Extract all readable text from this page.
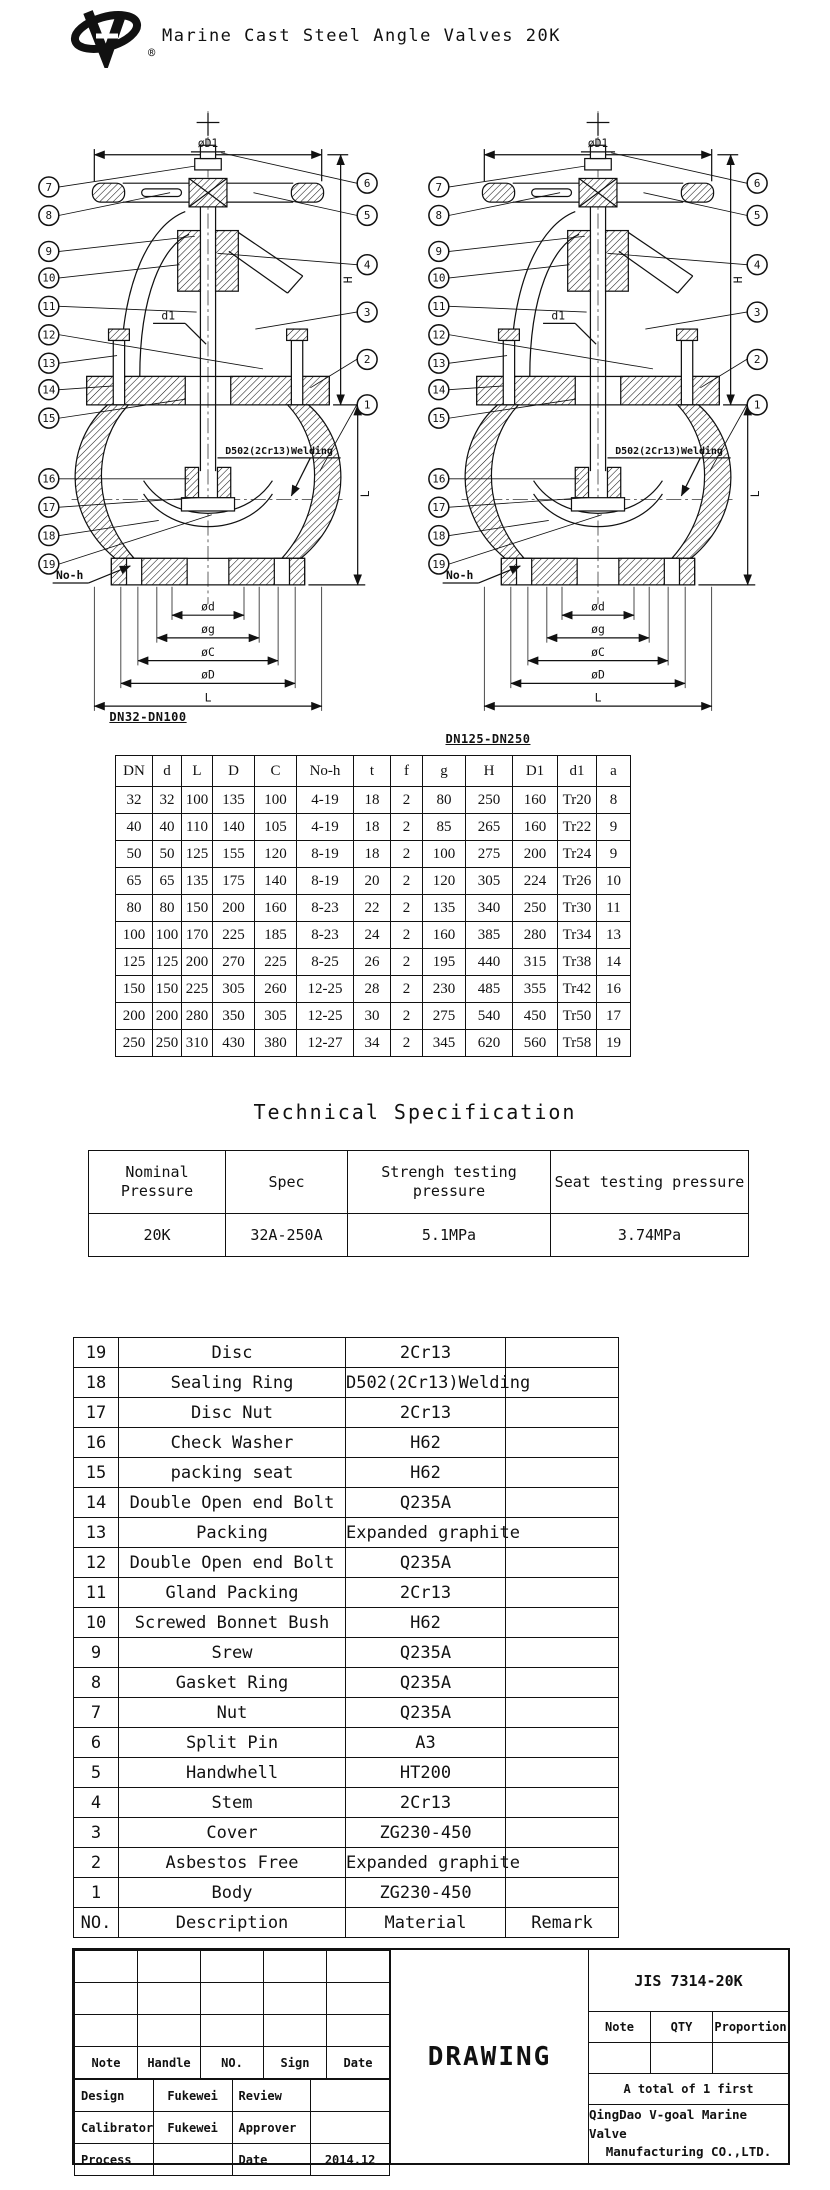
®
Marine Cast Steel Angle Valves 20K
øD1
d1
H
L
D502(2Cr13)Welding
No-h
ød
øg
øC
øD
L
7
8
9
10
11
12
13
14
15
16
17
18
19
6
5
4
3
2
1
DN32-DN100
øD1
d1
H
L
D502(2Cr13)Welding
No-h
ød
øg
øC
øD
L
7
8
9
10
11
12
13
14
15
16
17
18
19
6
5
4
3
2
1
DN125-DN250
DN	d	L	D	C	No-h	t	f	g	H	D1	d1	a
32	32	100	135	100	4-19	18	2	80	250	160	Tr20	8
40	40	110	140	105	4-19	18	2	85	265	160	Tr22	9
50	50	125	155	120	8-19	18	2	100	275	200	Tr24	9
65	65	135	175	140	8-19	20	2	120	305	224	Tr26	10
80	80	150	200	160	8-23	22	2	135	340	250	Tr30	11
100	100	170	225	185	8-23	24	2	160	385	280	Tr34	13
125	125	200	270	225	8-25	26	2	195	440	315	Tr38	14
150	150	225	305	260	12-25	28	2	230	485	355	Tr42	16
200	200	280	350	305	12-25	30	2	275	540	450	Tr50	17
250	250	310	430	380	12-27	34	2	345	620	560	Tr58	19
Technical Specification
Nominal Pressure	Spec	Strengh testing pressure	Seat testing pressure
20K	32A-250A	5.1MPa	3.74MPa
19	Disc	2Cr13	
18	Sealing Ring	D502(2Cr13)Welding	
17	Disc Nut	2Cr13	
16	Check Washer	H62	
15	packing seat	H62	
14	Double Open end Bolt	Q235A	
13	Packing	Expanded graphite	
12	Double Open end Bolt	Q235A	
11	Gland Packing	2Cr13	
10	Screwed Bonnet Bush	H62	
9	Srew	Q235A	
8	Gasket Ring	Q235A	
7	Nut	Q235A	
6	Split Pin	A3	
5	Handwhell	HT200	
4	Stem	2Cr13	
3	Cover	ZG230-450	
2	Asbestos Free	Expanded graphite	
1	Body	ZG230-450	
NO.	Description	Material	Remark

Note	Handle	NO.	Sign	Date
Design	Fukewei	Review	
Calibrator	Fukewei	Approver	
Process		Date	2014.12
DRAWING
JIS 7314-20K
Note	QTY	Proportion
A total of 1 first
QingDao V-goal Marine Valve
Manufacturing CO.,LTD.
